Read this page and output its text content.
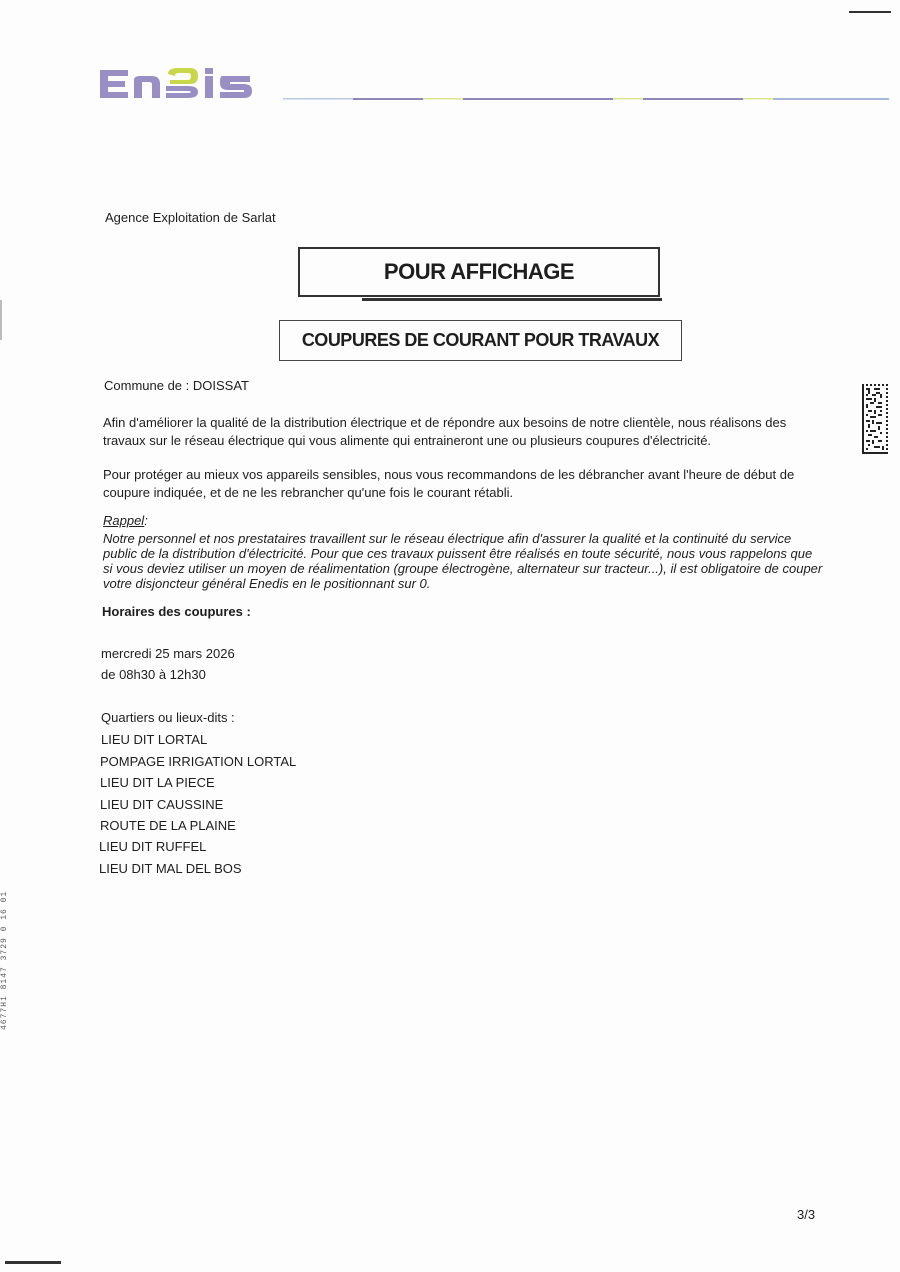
Agence Exploitation de Sarlat
POUR AFFICHAGE
COUPURES DE COURANT POUR TRAVAUX
Commune de : DOISSAT
Afin d'améliorer la qualité de la distribution électrique et de répondre aux besoins de notre clientèle, nous réalisons des travaux sur le réseau électrique qui vous alimente qui entraineront une ou plusieurs coupures d'électricité.
Pour protéger au mieux vos appareils sensibles, nous vous recommandons de les débrancher avant l'heure de début de coupure indiquée, et de ne les rebrancher qu'une fois le courant rétabli.
Rappel:
Notre personnel et nos prestataires travaillent sur le réseau électrique afin d'assurer la qualité et la continuité du service public de la distribution d'électricité. Pour que ces travaux puissent être réalisés en toute sécurité, nous vous rappelons que si vous deviez utiliser un moyen de réalimentation (groupe électrogène, alternateur sur tracteur...), il est obligatoire de couper votre disjoncteur général Enedis en le positionnant sur 0.
Horaires des coupures :
mercredi 25 mars 2026
de 08h30 à 12h30
Quartiers ou lieux-dits :
LIEU DIT LORTAL
POMPAGE IRRIGATION LORTAL
LIEU DIT LA PIECE
LIEU DIT CAUSSINE
ROUTE DE LA PLAINE
LIEU DIT RUFFEL
LIEU DIT MAL DEL BOS
4677H1 8147 3729 0 16 01
3/3
